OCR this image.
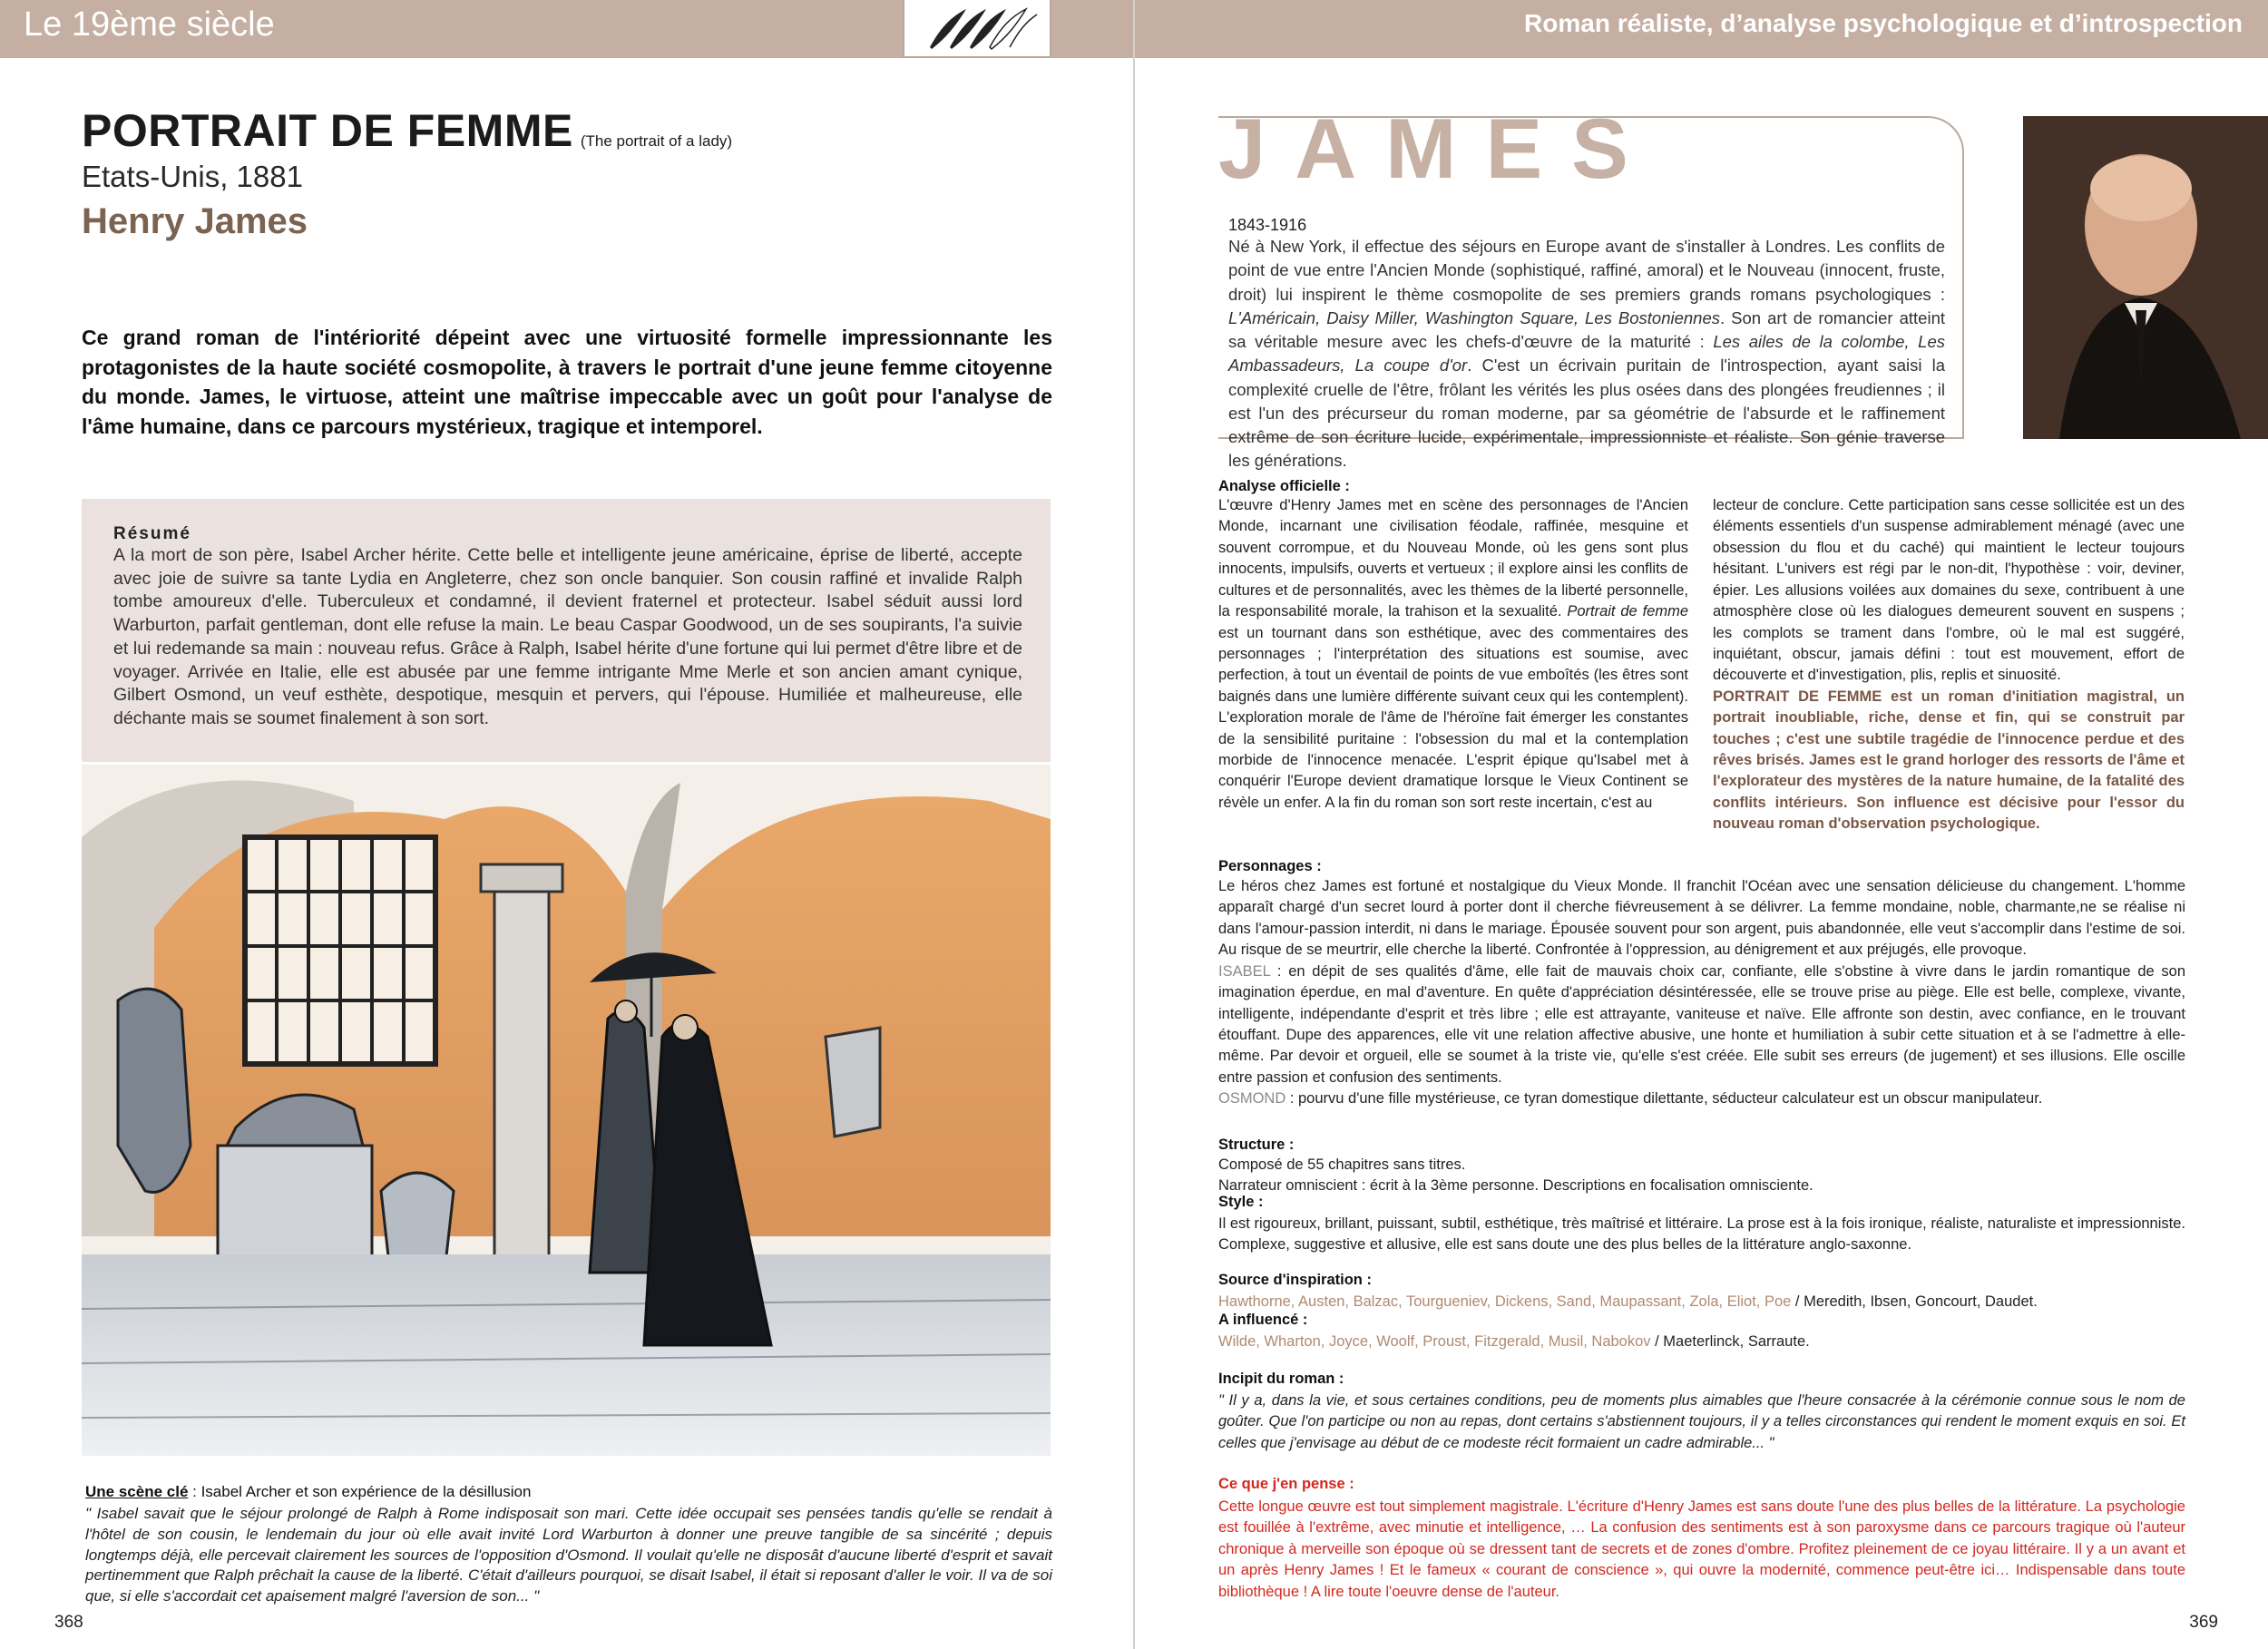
Le 19ème siècle	Roman réaliste, d’analyse psychologique et d’introspection
PORTRAIT DE FEMME (The portrait of a lady)
Etats-Unis, 1881
Henry James
Ce grand roman de l'intériorité dépeint avec une virtuosité formelle impressionnante les protagonistes de la haute société cosmopolite, à travers le portrait d'une jeune femme citoyenne du monde. James, le virtuose, atteint une maîtrise impeccable avec un goût pour l'analyse de l'âme humaine, dans ce parcours mystérieux, tragique et intemporel.
Résumé
A la mort de son père, Isabel Archer hérite. Cette belle et intelligente jeune américaine, éprise de liberté, accepte avec joie de suivre sa tante Lydia en Angleterre, chez son oncle banquier. Son cousin raffiné et invalide Ralph tombe amoureux d'elle. Tuberculeux et condamné, il devient fraternel et protecteur. Isabel séduit aussi lord Warburton, parfait gentleman, dont elle refuse la main. Le beau Caspar Goodwood, un de ses soupirants, l'a suivie et lui redemande sa main : nouveau refus. Grâce à Ralph, Isabel hérite d'une fortune qui lui permet d'être libre et de voyager. Arrivée en Italie, elle est abusée par une femme intrigante Mme Merle et son ancien amant cynique, Gilbert Osmond, un veuf esthète, despotique, mesquin et pervers, qui l'épouse. Humiliée et malheureuse, elle déchante mais se soumet finalement à son sort.
Une scène clé : Isabel Archer et son expérience de la désillusion
" Isabel savait que le séjour prolongé de Ralph à Rome indisposait son mari. Cette idée occupait ses pensées tandis qu'elle se rendait à l'hôtel de son cousin, le lendemain du jour où elle avait invité Lord Warburton à donner une preuve tangible de sa sincérité ; depuis longtemps déjà, elle percevait clairement les sources de l'opposition d'Osmond. Il voulait qu'elle ne disposât d'aucune liberté d'esprit et savait pertinemment que Ralph prêchait la cause de la liberté. C'était d'ailleurs pourquoi, se disait Isabel, il était si reposant d'aller le voir. Il va de soi que, si elle s'accordait cet apaisement malgré l'aversion de son... "
368
JAMES
1843-1916
Né à New York, il effectue des séjours en Europe avant de s'installer à Londres. Les conflits de point de vue entre l'Ancien Monde (sophistiqué, raffiné, amoral) et le Nouveau (innocent, fruste, droit) lui inspirent le thème cosmopolite de ses premiers grands romans psychologiques : L'Américain, Daisy Miller, Washington Square, Les Bostoniennes. Son art de romancier atteint sa véritable mesure avec les chefs-d'œuvre de la maturité : Les ailes de la colombe, Les Ambassadeurs, La coupe d'or. C'est un écrivain puritain de l'introspection, ayant saisi la complexité cruelle de l'être, frôlant les vérités les plus osées dans des plongées freudiennes ; il est l'un des précurseur du roman moderne, par sa géométrie de l'absurde et le raffinement extrême de son écriture lucide, expérimentale, impressionniste et réaliste. Son génie traverse les générations.
Analyse officielle :
L'œuvre d'Henry James met en scène des personnages de l'Ancien Monde, incarnant une civilisation féodale, raffinée, mesquine et souvent corrompue, et du Nouveau Monde, où les gens sont plus innocents, impulsifs, ouverts et vertueux ; il explore ainsi les conflits de cultures et de personnalités, avec les thèmes de la liberté personnelle, la responsabilité morale, la trahison et la sexualité. Portrait de femme est un tournant dans son esthétique, avec des commentaires des personnages ; l'interprétation des situations est soumise, avec perfection, à tout un éventail de points de vue emboîtés (les êtres sont baignés dans une lumière différente suivant ceux qui les contemplent). L'exploration morale de l'âme de l'héroïne fait émerger les constantes de la sensibilité puritaine : l'obsession du mal et la contemplation morbide de l'innocence menacée. L'esprit épique qu'Isabel met à conquérir l'Europe devient dramatique lorsque le Vieux Continent se révèle un enfer. A la fin du roman son sort reste incertain, c'est au
lecteur de conclure. Cette participation sans cesse sollicitée est un des éléments essentiels d'un suspense admirablement ménagé (avec une obsession du flou et du caché) qui maintient le lecteur toujours hésitant. L'univers est régi par le non-dit, l'hypothèse : voir, deviner, épier. Les allusions voilées aux domaines du sexe, contribuent à une atmosphère close où les dialogues demeurent souvent en suspens ; les complots se trament dans l'ombre, où le mal est suggéré, inquiétant, obscur, jamais défini : tout est mouvement, effort de découverte et d'investigation, plis, replis et sinuosité.
PORTRAIT DE FEMME est un roman d'initiation magistral, un portrait inoubliable, riche, dense et fin, qui se construit par touches ; c'est une subtile tragédie de l'innocence perdue et des rêves brisés. James est le grand horloger des ressorts de l'âme et l'explorateur des mystères de la nature humaine, de la fatalité des conflits intérieurs. Son influence est décisive pour l'essor du nouveau roman d'observation psychologique.
Personnages :
Le héros chez James est fortuné et nostalgique du Vieux Monde. Il franchit l'Océan avec une sensation délicieuse du changement. L'homme apparaît chargé d'un secret lourd à porter dont il cherche fiévreusement à se délivrer. La femme mondaine, noble, charmante,ne se réalise ni dans l'amour-passion interdit, ni dans le mariage. Épousée souvent pour son argent, puis abandonnée, elle veut s'accomplir dans l'estime de soi. Au risque de se meurtrir, elle cherche la liberté. Confrontée à l'oppression, au dénigrement et aux préjugés, elle provoque.
ISABEL : en dépit de ses qualités d'âme, elle fait de mauvais choix car, confiante, elle s'obstine à vivre dans le jardin romantique de son imagination éperdue, en mal d'aventure. En quête d'appréciation désintéressée, elle se trouve prise au piège. Elle est belle, complexe, vivante, intelligente, indépendante d'esprit et très libre ; elle est attrayante, vaniteuse et naïve. Elle affronte son destin, avec confiance, en le trouvant étouffant. Dupe des apparences, elle vit une relation affective abusive, une honte et humiliation à subir cette situation et à se l'admettre à elle-même. Par devoir et orgueil, elle se soumet à la triste vie, qu'elle s'est créée. Elle subit ses erreurs (de jugement) et ses illusions. Elle oscille entre passion et confusion des sentiments.
OSMOND : pourvu d'une fille mystérieuse, ce tyran domestique dilettante, séducteur calculateur est un obscur manipulateur.
Structure :
Composé de 55 chapitres sans titres.
Narrateur omniscient : écrit à la 3ème personne. Descriptions en focalisation omnisciente.
Style :
Il est rigoureux, brillant, puissant, subtil, esthétique, très maîtrisé et littéraire. La prose est à la fois ironique, réaliste, naturaliste et impressionniste. Complexe, suggestive et allusive, elle est sans doute une des plus belles de la littérature anglo-saxonne.
Source d'inspiration :
Hawthorne, Austen, Balzac, Tourgueniev, Dickens, Sand, Maupassant, Zola, Eliot, Poe / Meredith, Ibsen, Goncourt, Daudet.
A influencé :
Wilde, Wharton, Joyce, Woolf, Proust, Fitzgerald, Musil, Nabokov / Maeterlinck, Sarraute.
Incipit du roman :
" Il y a, dans la vie, et sous certaines conditions, peu de moments plus aimables que l'heure consacrée à la cérémonie connue sous le nom de goûter. Que l'on participe ou non au repas, dont certains s'abstiennent toujours, il y a telles circonstances qui rendent le moment exquis en soi. Et celles que j'envisage au début de ce modeste récit formaient un cadre admirable... "
Ce que j'en pense :
Cette longue œuvre est tout simplement magistrale. L'écriture d'Henry James est sans doute l'une des plus belles de la littérature. La psychologie est fouillée à l'extrême, avec minutie et intelligence, … La confusion des sentiments est à son paroxysme dans ce parcours tragique où l'auteur chronique à merveille son époque où se dressent tant de secrets et de zones d'ombre. Profitez pleinement de ce joyau littéraire. Il y a un avant et un après Henry James ! Et le fameux « courant de conscience », qui ouvre la modernité, commence peut-être ici… Indispensable dans toute bibliothèque ! A lire toute l'oeuvre dense de l'auteur.
369
